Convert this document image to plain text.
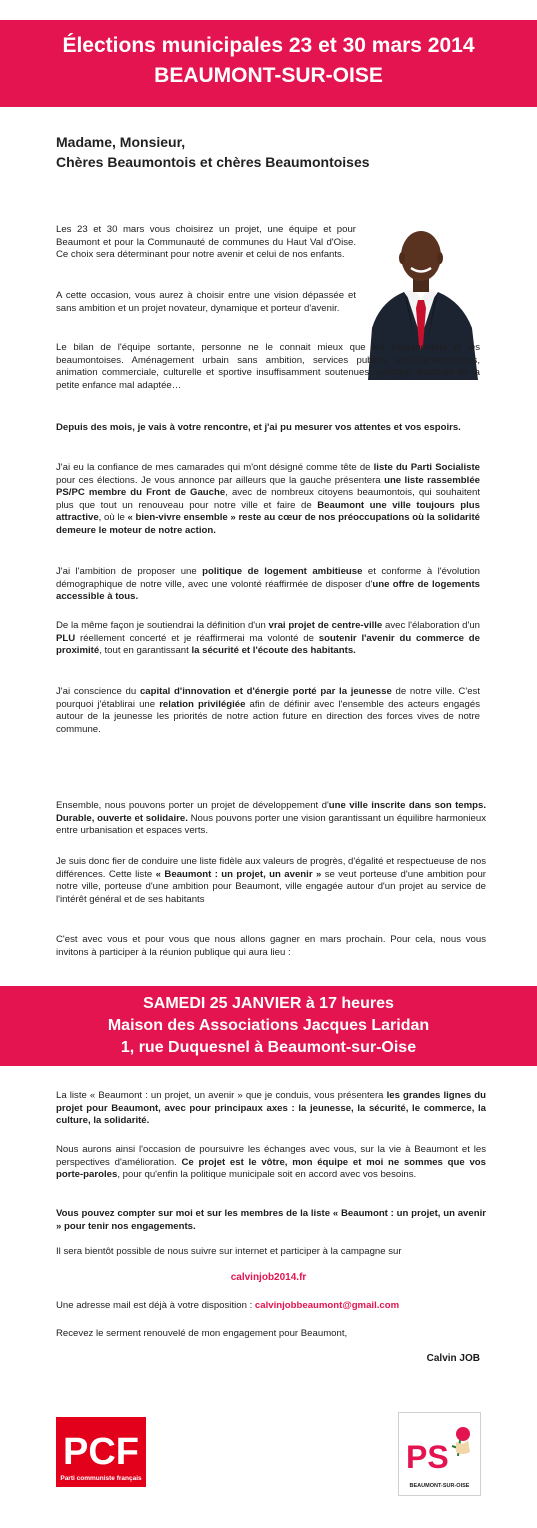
Élections municipales 23 et 30 mars 2014
BEAUMONT-SUR-OISE
Madame, Monsieur,
Chères Beaumontois et chères Beaumontoises
Les 23 et 30 mars vous choisirez un projet, une équipe et pour Beaumont et pour la Communauté de communes du Haut Val d'Oise. Ce choix sera déterminant pour notre avenir et celui de nos enfants.
A cette occasion, vous aurez à choisir entre une vision dépassée et sans ambition et un projet novateur, dynamique et porteur d'avenir.
Le bilan de l'équipe sortante, personne ne le connait mieux que les beaumontois et les beaumontoises. Aménagement urbain sans ambition, services publics sous-dimensionnés, animation commerciale, culturelle et sportive insuffisamment soutenues, politique d'accueil de la petite enfance mal adaptée…
Depuis des mois, je vais à votre rencontre, et j'ai pu mesurer vos attentes et vos espoirs.
J'ai eu la confiance de mes camarades qui m'ont désigné comme tête de liste du Parti Socialiste pour ces élections. Je vous annonce par ailleurs que la gauche présentera une liste rassemblée PS/PC membre du Front de Gauche, avec de nombreux citoyens beaumontois, qui souhaitent plus que tout un renouveau pour notre ville et faire de Beaumont une ville toujours plus attractive, où le « bien-vivre ensemble » reste au cœur de nos préoccupations où la solidarité demeure le moteur de notre action.
J'ai l'ambition de proposer une politique de logement ambitieuse et conforme à l'évolution démographique de notre ville, avec une volonté réaffirmée de disposer d'une offre de logements accessible à tous.
De la même façon je soutiendrai la définition d'un vrai projet de centre-ville avec l'élaboration d'un PLU réellement concerté et je réaffirmerai ma volonté de soutenir l'avenir du commerce de proximité, tout en garantissant la sécurité et l'écoute des habitants.
J'ai conscience du capital d'innovation et d'énergie porté par la jeunesse de notre ville. C'est pourquoi j'établirai une relation privilégiée afin de définir avec l'ensemble des acteurs engagés autour de la jeunesse les priorités de notre action future en direction des forces vives de notre commune.
Ensemble, nous pouvons porter un projet de développement d'une ville inscrite dans son temps. Durable, ouverte et solidaire. Nous pouvons porter une vision garantissant un équilibre harmonieux entre urbanisation et espaces verts.
Je suis donc fier de conduire une liste fidèle aux valeurs de progrès, d'égalité et respectueuse de nos différences. Cette liste « Beaumont : un projet, un avenir » se veut porteuse d'une ambition pour notre ville, porteuse d'une ambition pour Beaumont, ville engagée autour d'un projet au service de l'intérêt général et de ses habitants
C'est avec vous et pour vous que nous allons gagner en mars prochain. Pour cela, nous vous invitons à participer à la réunion publique qui aura lieu :
SAMEDI 25 JANVIER à 17 heures
Maison des Associations Jacques Laridan
1, rue Duquesnel à Beaumont-sur-Oise
La liste « Beaumont : un projet, un avenir » que je conduis, vous présentera les grandes lignes du projet pour Beaumont, avec pour principaux axes : la jeunesse, la sécurité, le commerce, la culture, la solidarité.
Nous aurons ainsi l'occasion de poursuivre les échanges avec vous, sur la vie à Beaumont et les perspectives d'amélioration. Ce projet est le vôtre, mon équipe et moi ne sommes que vos porte-paroles, pour qu'enfin la politique municipale soit en accord avec vos besoins.
Vous pouvez compter sur moi et sur les membres de la liste « Beaumont : un projet, un avenir » pour tenir nos engagements.
Il sera bientôt possible de nous suivre sur internet et participer à la campagne sur
calvinjob2014.fr
Une adresse mail est déjà à votre disposition : calvinjobbeaumont@gmail.com
Recevez le serment renouvelé de mon engagement pour Beaumont,
Calvin JOB
PCF
Parti communiste français
PS
BEAUMONT-SUR-OISE
